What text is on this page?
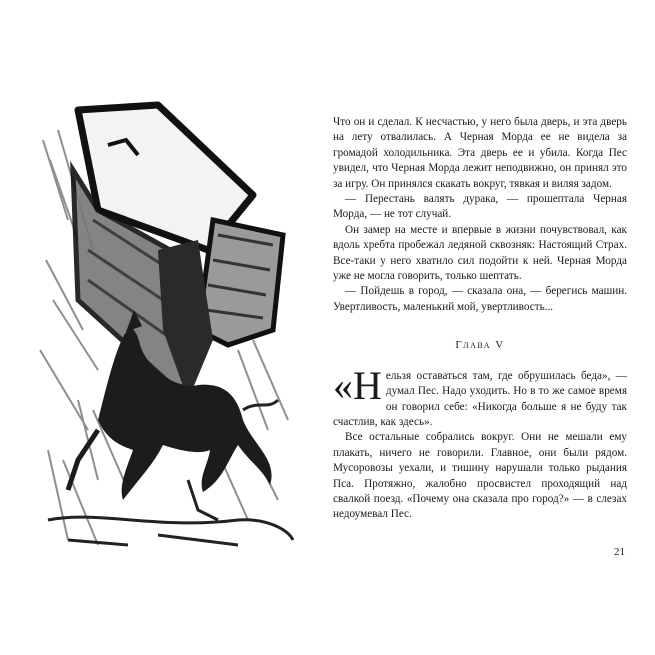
Что он и сделал. К несчастью, у него была дверь, и эта дверь на лету отвалилась. А Черная Морда ее не видела за громадой холодильника. Эта дверь ее и убила. Когда Пес увидел, что Черная Морда лежит неподвижно, он принял это за игру. Он принялся скакать вокруг, тявкая и виляя задом.

— Перестань валять дурака, — прошептала Черная Морда, — не тот случай.

Он замер на месте и впервые в жизни почувствовал, как вдоль хребта пробежал ледяной сквозняк: Настоящий Страх. Все-таки у него хватило сил подойти к ней. Черная Морда уже не могла говорить, только шептать.

— Пойдешь в город, — сказала она, — берегись машин. Увертливость, маленький мой, увертливость...

Глава V

«Н ельзя оставаться там, где обрушилась беда», — думал Пес. Надо уходить. Но в то же самое время он говорил себе: «Никогда больше я не буду так счастлив, как здесь».

Все остальные собрались вокруг. Они не мешали ему плакать, ничего не говорили. Главное, они были рядом. Мусоровозы уехали, и тишину нарушали только рыдания Пса. Протяжно, жалобно просвистел проходящий над свалкой поезд. «Почему она сказала про город?» — в слезах недоумевал Пес.

21
